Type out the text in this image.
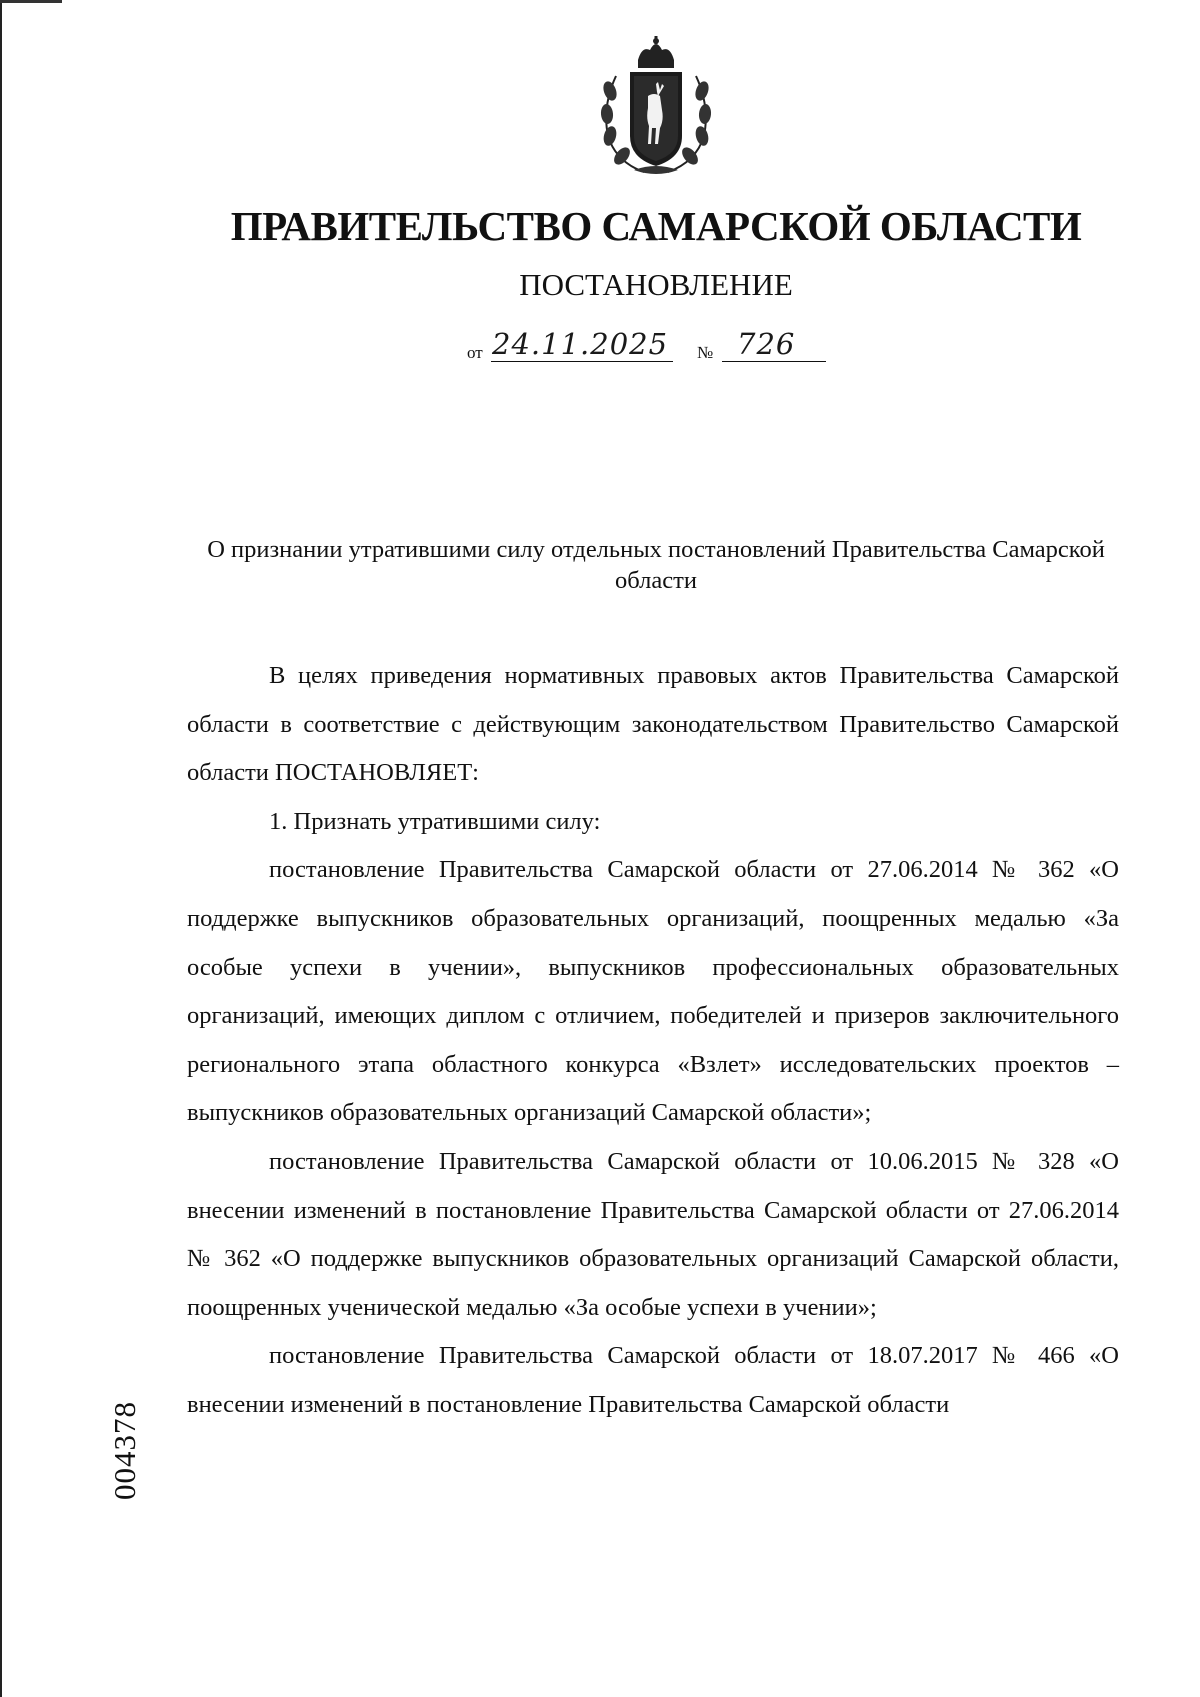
ПРАВИТЕЛЬСТВО САМАРСКОЙ ОБЛАСТИ
ПОСТАНОВЛЕНИЕ
от 24.11.2025 № 726
О признании утратившими силу отдельных постановлений Правительства Самарской области

В целях приведения нормативных правовых актов Правительства Самарской области в соответствие с действующим законодательством Правительство Самарской области ПОСТАНОВЛЯЕТ:

1. Признать утратившими силу:

постановление Правительства Самарской области от 27.06.2014 № 362 «О поддержке выпускников образовательных организаций, поощренных медалью «За особые успехи в учении», выпускников профессиональных образовательных организаций, имеющих диплом с отличием, победителей и призеров заключительного регионального этапа областного конкурса «Взлет» исследовательских проектов – выпускников образовательных организаций Самарской области»;

постановление Правительства Самарской области от 10.06.2015 № 328 «О внесении изменений в постановление Правительства Самарской области от 27.06.2014 № 362 «О поддержке выпускников образовательных организаций Самарской области, поощренных ученической медалью «За особые успехи в учении»;

постановление Правительства Самарской области от 18.07.2017 № 466 «О внесении изменений в постановление Правительства Самарской области

004378
